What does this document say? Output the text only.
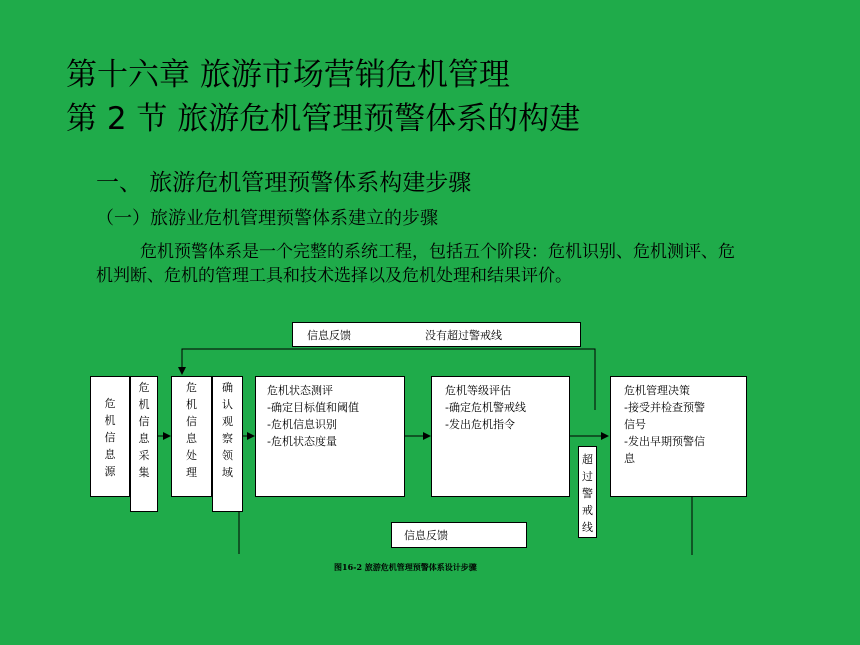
第十六章 旅游市场营销危机管理
第 2 节 旅游危机管理预警体系的构建
一、 旅游危机管理预警体系构建步骤
（一）旅游业危机管理预警体系建立的步骤
危机预警体系是一个完整的系统工程，包括五个阶段：危机识别、危机测评、危机判断、危机的管理工具和技术选择以及危机处理和结果评价。
信息反馈	没有超过警戒线
危
机
信
息
源
危
机
信
息
采
集
危
机
信
息
处
理
确
认
观
察
领
域
危机状态测评
-确定目标值和阈值
-危机信息识别
-危机状态度量
危机等级评估
-确定危机警戒线
-发出危机指令
超
过
警
戒
线
危机管理决策
-接受并检查预警
信号
-发出早期预警信
息
信息反馈
图16-2 旅游危机管理预警体系设计步骤
